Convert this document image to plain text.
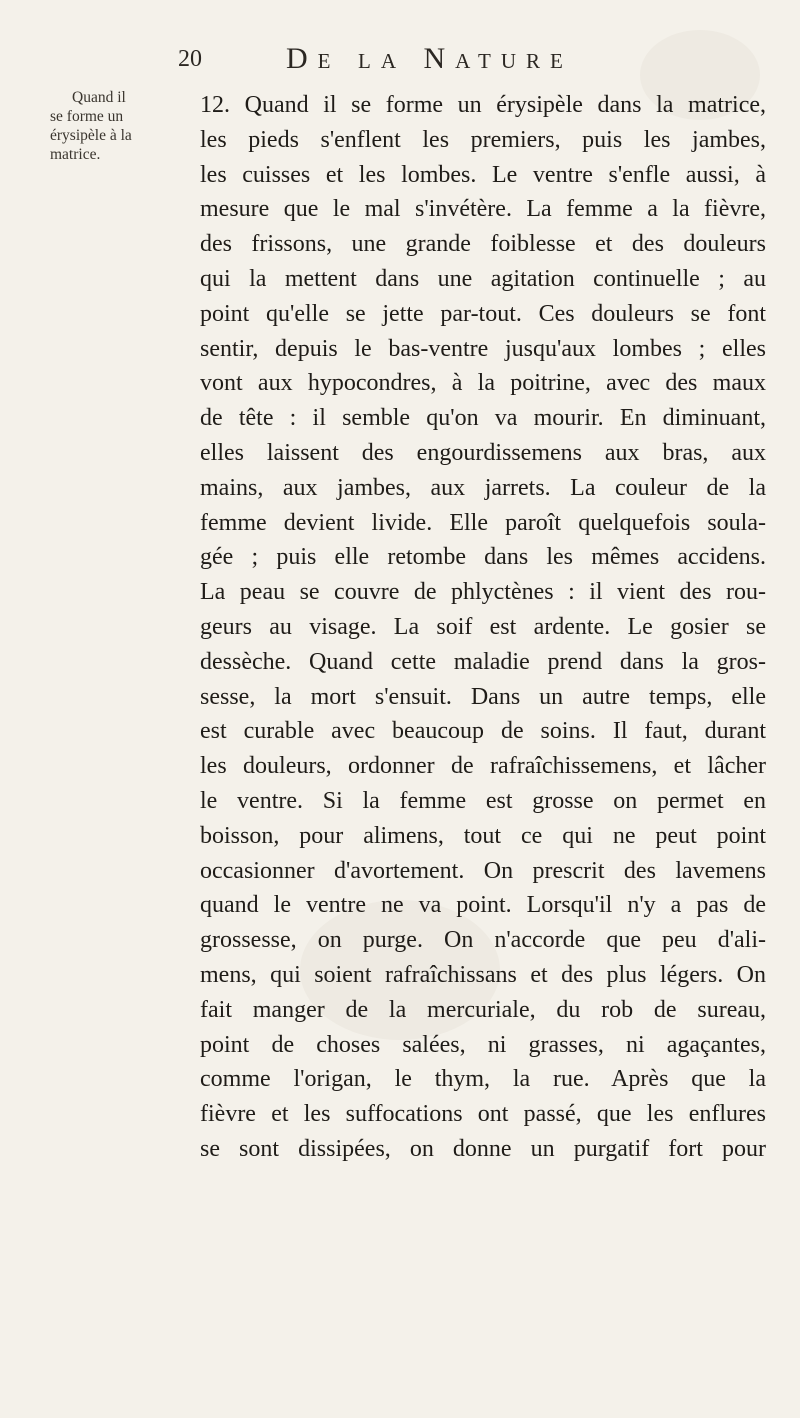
20	De la Nature
Quand il
se forme un
érysipèle à la
matrice.
12. Quand il se forme un érysipèle dans la matrice,
les pieds s'enflent les premiers, puis les jambes,
les cuisses et les lombes. Le ventre s'enfle aussi, à
mesure que le mal s'invétère. La femme a la fièvre,
des frissons, une grande foiblesse et des douleurs
qui la mettent dans une agitation continuelle ; au
point qu'elle se jette par-tout. Ces douleurs se font
sentir, depuis le bas-ventre jusqu'aux lombes ; elles
vont aux hypocondres, à la poitrine, avec des maux
de tête : il semble qu'on va mourir. En diminuant,
elles laissent des engourdissemens aux bras, aux
mains, aux jambes, aux jarrets. La couleur de la
femme devient livide. Elle paroît quelquefois soula-
gée ; puis elle retombe dans les mêmes accidens.
La peau se couvre de phlyctènes : il vient des rou-
geurs au visage. La soif est ardente. Le gosier se
dessèche. Quand cette maladie prend dans la gros-
sesse, la mort s'ensuit. Dans un autre temps, elle
est curable avec beaucoup de soins. Il faut, durant
les douleurs, ordonner de rafraîchissemens, et lâcher
le ventre. Si la femme est grosse on permet en
boisson, pour alimens, tout ce qui ne peut point
occasionner d'avortement. On prescrit des lavemens
quand le ventre ne va point. Lorsqu'il n'y a pas de
grossesse, on purge. On n'accorde que peu d'ali-
mens, qui soient rafraîchissans et des plus légers. On
fait manger de la mercuriale, du rob de sureau,
point de choses salées, ni grasses, ni agaçantes,
comme l'origan, le thym, la rue. Après que la
fièvre et les suffocations ont passé, que les enflures
se sont dissipées, on donne un purgatif fort pour
